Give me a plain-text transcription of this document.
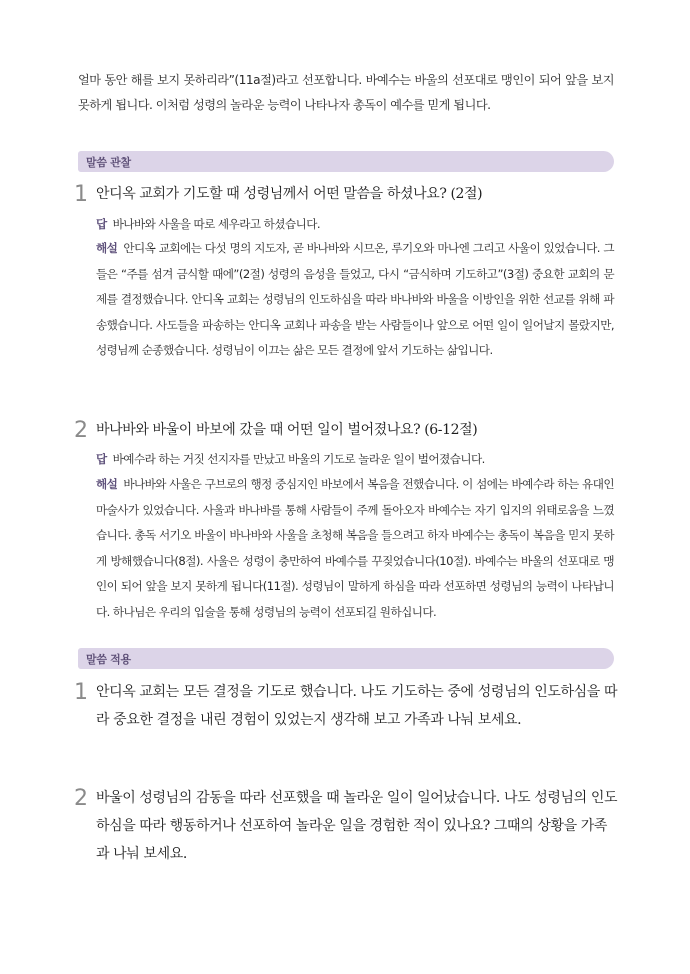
얼마 동안 해를 보지 못하리라”(11a절)라고 선포합니다. 바예수는 바울의 선포대로 맹인이 되어 앞을 보지 못하게 됩니다. 이처럼 성령의 놀라운 능력이 나타나자 총독이 예수를 믿게 됩니다.

말씀 관찰
1 안디옥 교회가 기도할 때 성령님께서 어떤 말씀을 하셨나요? (2절)

답 바나바와 사울을 따로 세우라고 하셨습니다.

해설 안디옥 교회에는 다섯 명의 지도자, 곧 바나바와 시므온, 루기오와 마나엔 그리고 사울이 있었습니다. 그들은 “주를 섬겨 금식할 때에”(2절) 성령의 음성을 들었고, 다시 “금식하며 기도하고”(3절) 중요한 교회의 문제를 결정했습니다. 안디옥 교회는 성령님의 인도하심을 따라 바나바와 바울을 이방인을 위한 선교를 위해 파송했습니다. 사도들을 파송하는 안디옥 교회나 파송을 받는 사람들이나 앞으로 어떤 일이 일어날지 몰랐지만, 성령님께 순종했습니다. 성령님이 이끄는 삶은 모든 결정에 앞서 기도하는 삶입니다.

2 바나바와 바울이 바보에 갔을 때 어떤 일이 벌어졌나요? (6-12절)

답 바예수라 하는 거짓 선지자를 만났고 바울의 기도로 놀라운 일이 벌어졌습니다.

해설 바나바와 사울은 구브로의 행정 중심지인 바보에서 복음을 전했습니다. 이 섬에는 바예수라 하는 유대인 마술사가 있었습니다. 사울과 바나바를 통해 사람들이 주께 돌아오자 바예수는 자기 입지의 위태로움을 느꼈습니다. 총독 서기오 바울이 바나바와 사울을 초청해 복음을 들으려고 하자 바예수는 총독이 복음을 믿지 못하게 방해했습니다(8절). 사울은 성령이 충만하여 바예수를 꾸짖었습니다(10절). 바예수는 바울의 선포대로 맹인이 되어 앞을 보지 못하게 됩니다(11절). 성령님이 말하게 하심을 따라 선포하면 성령님의 능력이 나타납니다. 하나님은 우리의 입술을 통해 성령님의 능력이 선포되길 원하십니다.

말씀 적용
1 안디옥 교회는 모든 결정을 기도로 했습니다. 나도 기도하는 중에 성령님의 인도하심을 따라 중요한 결정을 내린 경험이 있었는지 생각해 보고 가족과 나눠 보세요.

2 바울이 성령님의 감동을 따라 선포했을 때 놀라운 일이 일어났습니다. 나도 성령님의 인도하심을 따라 행동하거나 선포하여 놀라운 일을 경험한 적이 있나요? 그때의 상황을 가족과 나눠 보세요.
